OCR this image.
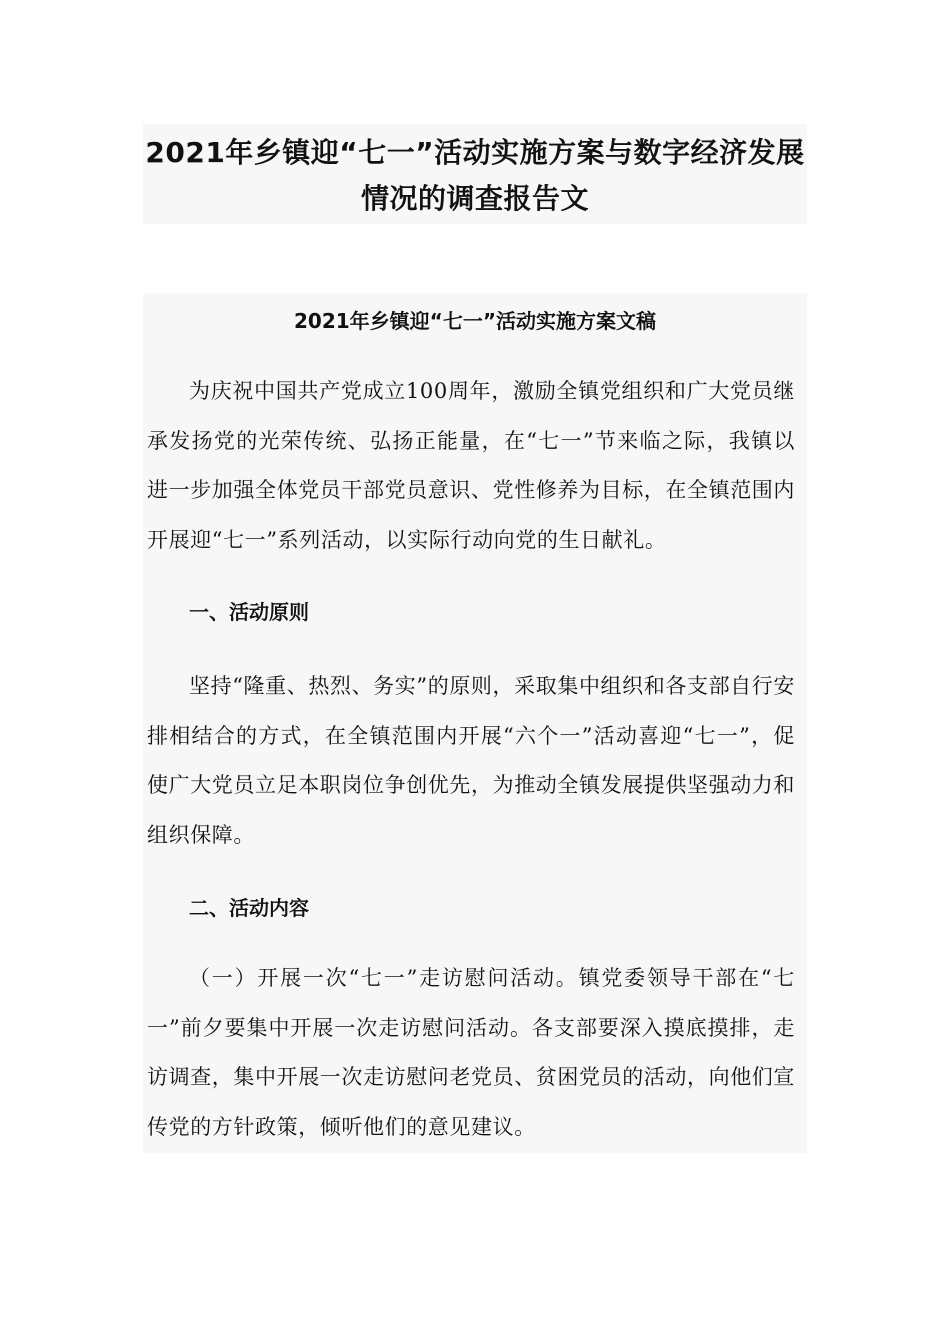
2021年乡镇迎“七一”活动实施方案与数字经济发展情况的调查报告文
2021年乡镇迎“七一”活动实施方案文稿

为庆祝中国共产党成立100周年，激励全镇党组织和广大党员继承发扬党的光荣传统、弘扬正能量，在“七一”节来临之际，我镇以进一步加强全体党员干部党员意识、党性修养为目标，在全镇范围内开展迎“七一”系列活动，以实际行动向党的生日献礼。

一、活动原则

坚持“隆重、热烈、务实”的原则，采取集中组织和各支部自行安排相结合的方式，在全镇范围内开展“六个一”活动喜迎“七一”，促使广大党员立足本职岗位争创优先，为推动全镇发展提供坚强动力和组织保障。

二、活动内容

（一）开展一次“七一”走访慰问活动。镇党委领导干部在“七一”前夕要集中开展一次走访慰问活动。各支部要深入摸底摸排，走访调查，集中开展一次走访慰问老党员、贫困党员的活动，向他们宣传党的方针政策，倾听他们的意见建议。
